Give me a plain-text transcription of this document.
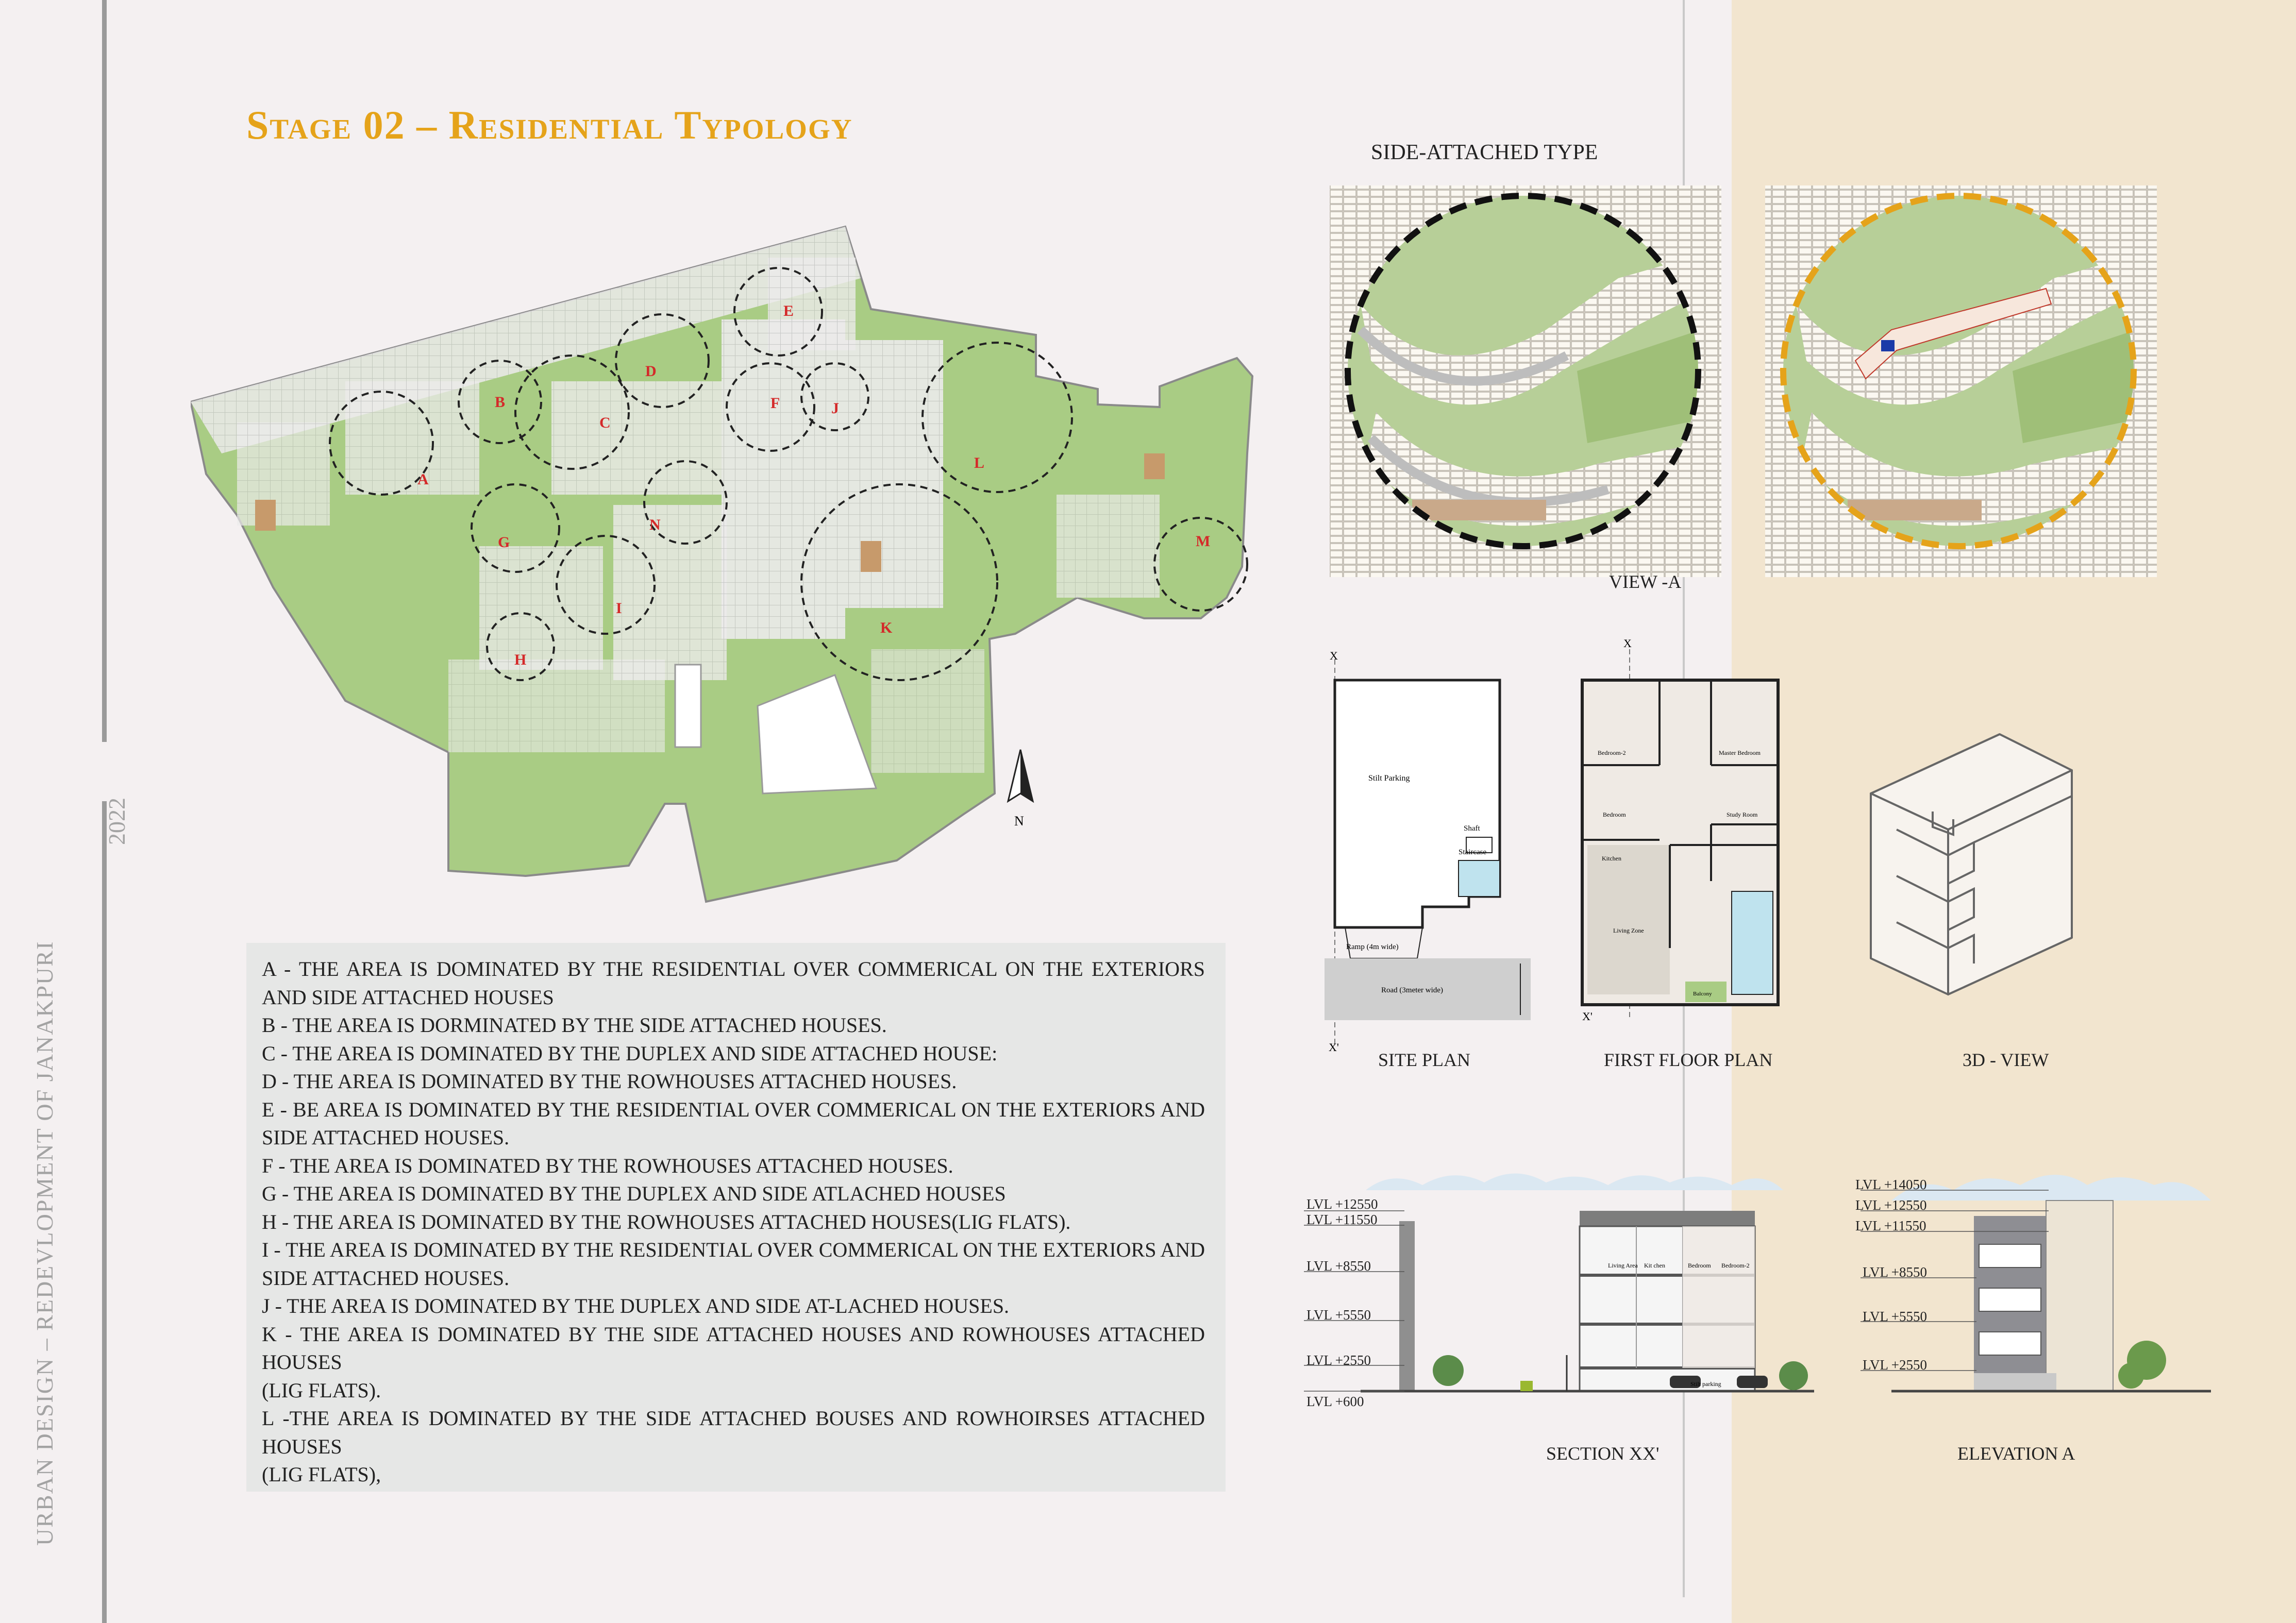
URBAN DESIGN – REDEVLOPMENT OF JANAKPURI
2022
Stage 02 – Residential Typology
A
B
C
D
E
F
G
H
I
J
K
L
M
N
N

A - THE AREA IS DOMINATED BY THE RESIDENTIAL OVER COMMERICAL ON THE EXTERIORS AND SIDE ATTACHED HOUSES

B - THE AREA IS DORMINATED BY THE SIDE ATTACHED HOUSES.

C - THE AREA IS DOMINATED BY THE DUPLEX AND SIDE ATTACHED HOUSE:

D - THE AREA IS DOMINATED BY THE ROWHOUSES ATTACHED HOUSES.

E - BE AREA IS DOMINATED BY THE RESIDENTIAL OVER COMMERICAL ON THE EXTERIORS AND SIDE ATTACHED HOUSES.

F - THE AREA IS DOMINATED BY THE ROWHOUSES ATTACHED HOUSES.

G - THE AREA IS DOMINATED BY THE DUPLEX AND SIDE ATLACHED HOUSES

H - THE AREA IS DOMINATED BY THE ROWHOUSES ATTACHED HOUSES(LIG FLATS).

I - THE AREA IS DOMINATED BY THE RESIDENTIAL OVER COMMERICAL ON THE EXTERIORS AND SIDE ATTACHED HOUSES.

J - THE AREA IS DOMINATED BY THE DUPLEX AND SIDE AT-LACHED HOUSES.

K - THE AREA IS DOMINATED BY THE SIDE ATTACHED HOUSES AND ROWHOUSES ATTACHED HOUSES

(LIG FLATS).

L -THE AREA IS DOMINATED BY THE SIDE ATTACHED BOUSES AND ROWHOIRSES ATTACHED HOUSES

(LIG FLATS),

SIDE-ATTACHED TYPE
VIEW -A
Stilt Parking
Shaft
Staircase
Ramp (4m wide)
Road (3meter wide)
X
X'
SITE PLAN
Bedroom-2	Master Bedroom
Bedroom	Study Room
Kitchen
Living Zone
Balcony
X
X'
FIRST FLOOR PLAN	3D - VIEW
Living Area Kit chen	Bedroom Bedroom-2
Stilt parking
LVL +12550
LVL +11550
LVL +8550
LVL +5550
LVL +2550
LVL +600
SECTION XX'
LVL +14050
LVL +12550
LVL +11550
LVL +8550
LVL +5550
LVL +2550
ELEVATION A
